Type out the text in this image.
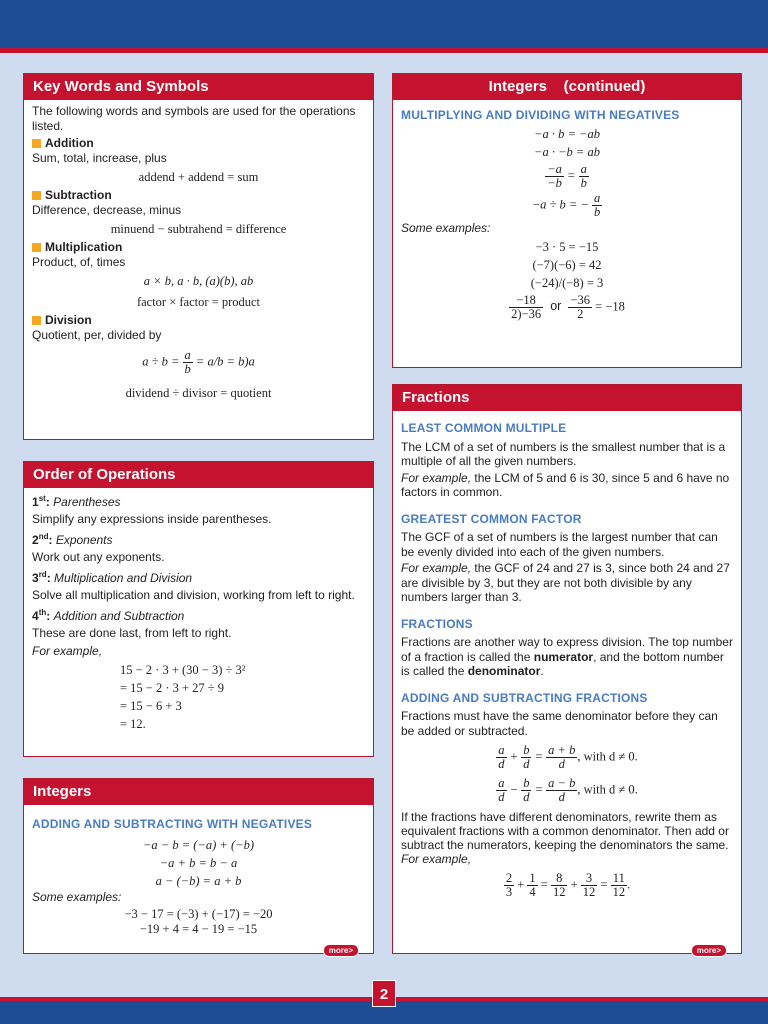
Key Words and Symbols

The following words and symbols are used for the operations listed.

Addition

Sum, total, increase, plus

addend + addend = sum
Subtraction

Difference, decrease, minus

minuend − subtrahend = difference
Multiplication

Product, of, times

a × b, a · b, (a)(b), ab
factor × factor = product
Division

Quotient, per, divided by

$a \div b = \frac{a}{b} = a/b = b)a$
dividend ÷ divisor = quotient
Order of Operations

1st: Parentheses

Simplify any expressions inside parentheses.

2nd: Exponents

Work out any exponents.

3rd: Multiplication and Division

Solve all multiplication and division, working from left to right.

4th: Addition and Subtraction

These are done last, from left to right.

For example,

15 − 2 · 3 + (30 − 3) ÷ 3²
= 15 − 2 · 3 + 27 ÷ 9
= 15 − 6 + 3
= 12.
Integers
ADDING AND SUBTRACTING WITH NEGATIVES
−a − b = (−a) + (−b)
−a + b = b − a
a − (−b) = a + b

Some examples:

−3 − 17 = (−3) + (−17) = −20
−19 + 4 = 4 − 19 = −15
more>
Integers    (continued)
MULTIPLYING AND DIVIDING WITH NEGATIVES
−a · b = −ab
−a · −b = ab
$\frac{-a}{-b} = \frac{a}{b}$
−a ÷ b = − $\frac{a}{b}$

Some examples:

−3 · 5 = −15
(−7)(−6) = 42
(−24)/(−8) = 3
$\frac{-18}{2)-36}$ or $\frac{-36}{2} = -18$
Fractions
LEAST COMMON MULTIPLE

The LCM of a set of numbers is the smallest number that is a multiple of all the given numbers.

For example, the LCM of 5 and 6 is 30, since 5 and 6 have no factors in common.

GREATEST COMMON FACTOR

The GCF of a set of numbers is the largest number that can be evenly divided into each of the given numbers.

For example, the GCF of 24 and 27 is 3, since both 24 and 27 are divisible by 3, but they are not both divisible by any numbers larger than 3.

FRACTIONS

Fractions are another way to express division. The top number of a fraction is called the numerator, and the bottom number is called the denominator.

ADDING AND SUBTRACTING FRACTIONS

Fractions must have the same denominator before they can be added or subtracted.

$\frac{a}{d} + \frac{b}{d} = \frac{a + b}{d}$ , with d ≠ 0.
$\frac{a}{d} - \frac{b}{d} = \frac{a - b}{d}$ , with d ≠ 0.

If the fractions have different denominators, rewrite them as equivalent fractions with a common denominator. Then add or subtract the numerators, keeping the denominators the same. For example,

$\frac{2}{3} + \frac{1}{4} = \frac{8}{12} + \frac{3}{12} = \frac{11}{12}$ .
more>
2
